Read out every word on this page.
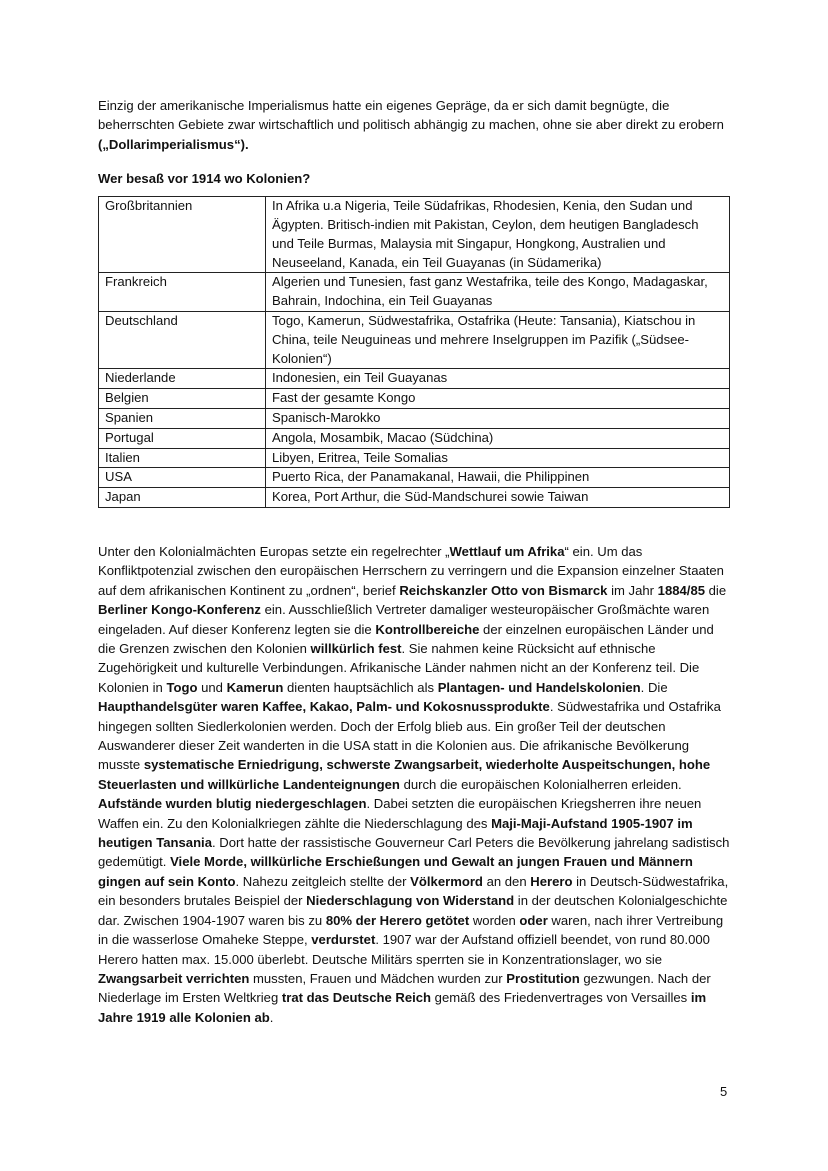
Einzig der amerikanische Imperialismus hatte ein eigenes Gepräge, da er sich damit begnügte, die beherrschten Gebiete zwar wirtschaftlich und politisch abhängig zu machen, ohne sie aber direkt zu erobern („Dollarimperialismus“).

Wer besaß vor 1914 wo Kolonien?

Großbritannien	In Afrika u.a Nigeria, Teile Südafrikas, Rhodesien, Kenia, den Sudan und Ägypten. Britisch-indien mit Pakistan, Ceylon, dem heutigen Bangladesch und Teile Burmas, Malaysia mit Singapur, Hongkong, Australien und Neuseeland, Kanada, ein Teil Guayanas (in Südamerika)
Frankreich	Algerien und Tunesien, fast ganz Westafrika, teile des Kongo, Madagaskar, Bahrain, Indochina, ein Teil Guayanas
Deutschland	Togo, Kamerun, Südwestafrika, Ostafrika (Heute: Tansania), Kiatschou in China, teile Neuguineas und mehrere Inselgruppen im Pazifik („Südsee-Kolonien“)
Niederlande	Indonesien, ein Teil Guayanas
Belgien	Fast der gesamte Kongo
Spanien	Spanisch-Marokko
Portugal	Angola, Mosambik, Macao (Südchina)
Italien	Libyen, Eritrea, Teile Somalias
USA	Puerto Rica, der Panamakanal, Hawaii, die Philippinen
Japan	Korea, Port Arthur, die Süd-Mandschurei sowie Taiwan

Unter den Kolonialmächten Europas setzte ein regelrechter „Wettlauf um Afrika“ ein. Um das Konfliktpotenzial zwischen den europäischen Herrschern zu verringern und die Expansion einzelner Staaten auf dem afrikanischen Kontinent zu „ordnen“, berief Reichskanzler Otto von Bismarck im Jahr 1884/85 die Berliner Kongo-Konferenz ein. Ausschließlich Vertreter damaliger westeuropäischer Großmächte waren eingeladen. Auf dieser Konferenz legten sie die Kontrollbereiche der einzelnen europäischen Länder und die Grenzen zwischen den Kolonien willkürlich fest. Sie nahmen keine Rücksicht auf ethnische Zugehörigkeit und kulturelle Verbindungen. Afrikanische Länder nahmen nicht an der Konferenz teil. Die Kolonien in Togo und Kamerun dienten hauptsächlich als Plantagen- und Handelskolonien. Die Haupthandelsgüter waren Kaffee, Kakao, Palm- und Kokosnussprodukte. Südwestafrika und Ostafrika hingegen sollten Siedlerkolonien werden. Doch der Erfolg blieb aus. Ein großer Teil der deutschen Auswanderer dieser Zeit wanderten in die USA statt in die Kolonien aus. Die afrikanische Bevölkerung musste systematische Erniedrigung, schwerste Zwangsarbeit, wiederholte Auspeitschungen, hohe Steuerlasten und willkürliche Landenteignungen durch die europäischen Kolonialherren erleiden. Aufstände wurden blutig niedergeschlagen. Dabei setzten die europäischen Kriegsherren ihre neuen Waffen ein. Zu den Kolonialkriegen zählte die Niederschlagung des Maji-Maji-Aufstand 1905-1907 im heutigen Tansania. Dort hatte der rassistische Gouverneur Carl Peters die Bevölkerung jahrelang sadistisch gedemütigt. Viele Morde, willkürliche Erschießungen und Gewalt an jungen Frauen und Männern gingen auf sein Konto. Nahezu zeitgleich stellte der Völkermord an den Herero in Deutsch-Südwestafrika, ein besonders brutales Beispiel der Niederschlagung von Widerstand in der deutschen Kolonialgeschichte dar. Zwischen 1904-1907 waren bis zu 80% der Herero getötet worden oder waren, nach ihrer Vertreibung in die wasserlose Omaheke Steppe, verdurstet. 1907 war der Aufstand offiziell beendet, von rund 80.000 Herero hatten max. 15.000 überlebt. Deutsche Militärs sperrten sie in Konzentrationslager, wo sie Zwangsarbeit verrichten mussten, Frauen und Mädchen wurden zur Prostitution gezwungen. Nach der Niederlage im Ersten Weltkrieg trat das Deutsche Reich gemäß des Friedenvertrages von Versailles im Jahre 1919 alle Kolonien ab.

5
